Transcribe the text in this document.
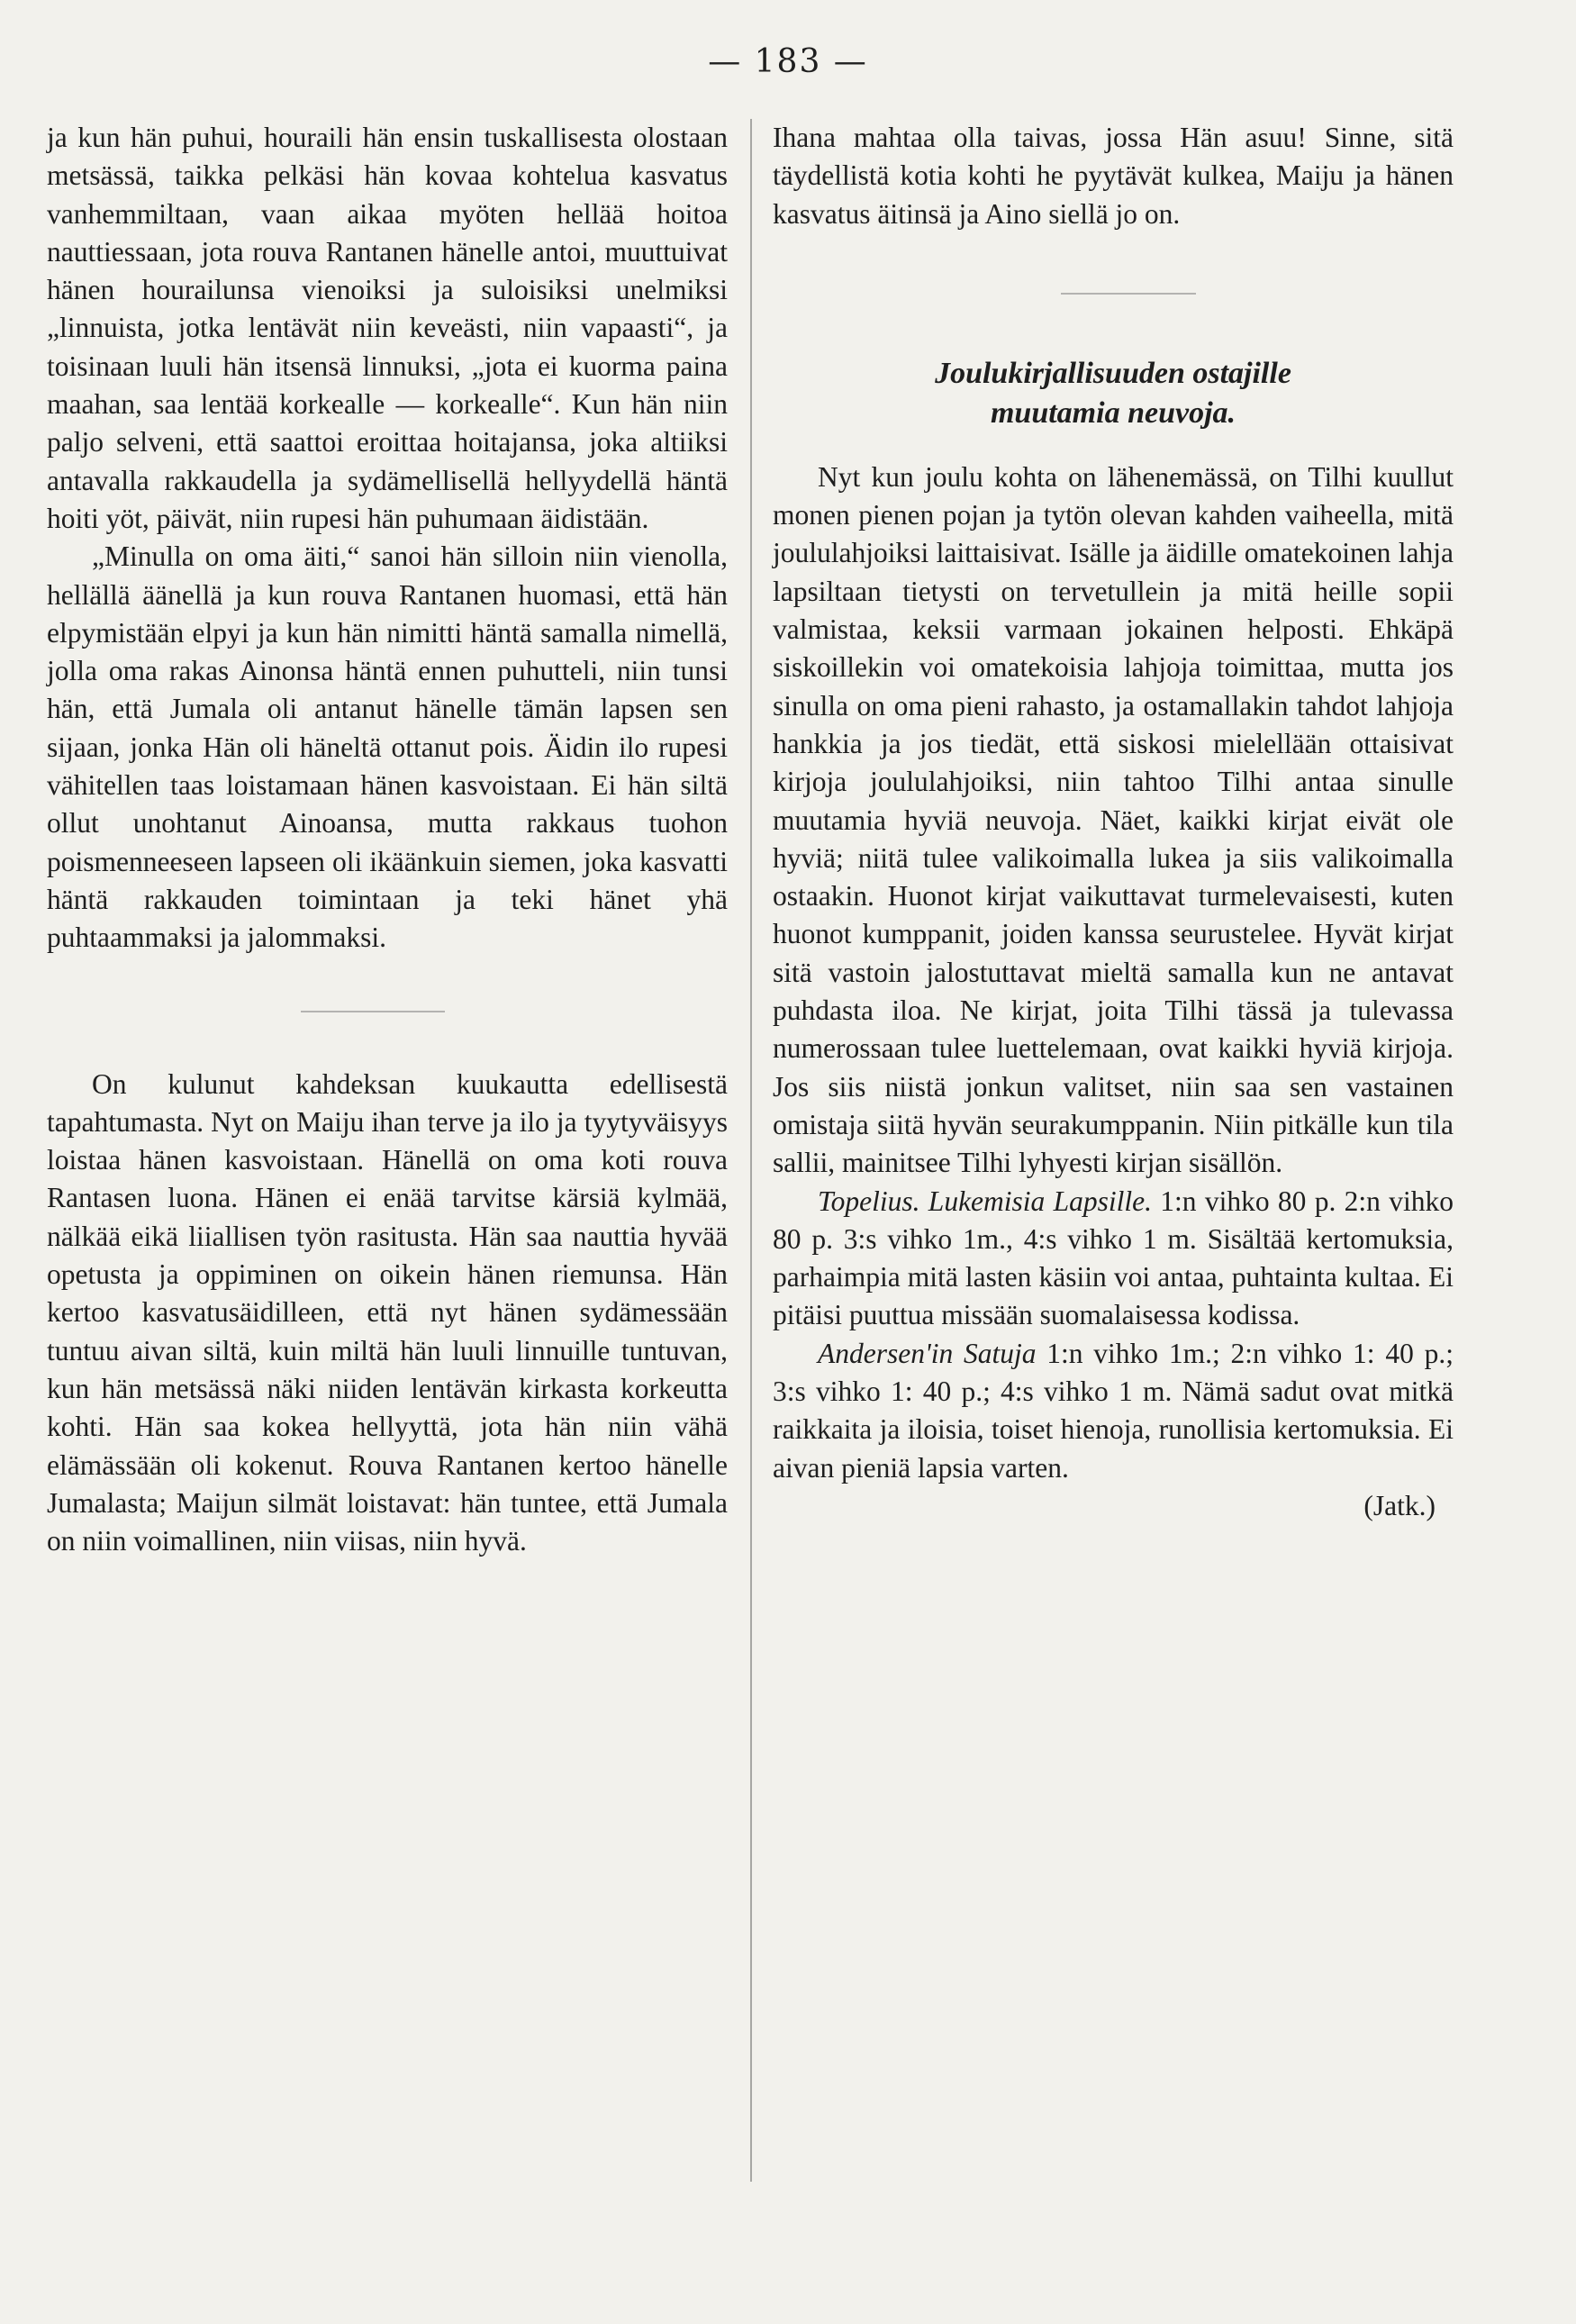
— 183 —

ja kun hän puhui, houraili hän ensin tuskallisesta olostaan metsässä, taikka pelkäsi hän kovaa kohtelua kasvatus vanhemmiltaan, vaan aikaa myöten hellää hoitoa nauttiessaan, jota rouva Rantanen hänelle antoi, muuttuivat hänen hourailunsa vienoiksi ja suloisiksi unelmiksi „linnuista, jotka lentävät niin keveästi, niin vapaasti“, ja toisinaan luuli hän itsensä linnuksi, „jota ei kuorma paina maahan, saa lentää korkealle — korkealle“. Kun hän niin paljo selveni, että saattoi eroittaa hoitajansa, joka altiiksi antavalla rakkaudella ja sydämellisellä hellyydellä häntä hoiti yöt, päivät, niin rupesi hän puhumaan äidistään.

„Minulla on oma äiti,“ sanoi hän silloin niin vienolla, hellällä äänellä ja kun rouva Rantanen huomasi, että hän elpymistään elpyi ja kun hän nimitti häntä samalla nimellä, jolla oma rakas Ainonsa häntä ennen puhutteli, niin tunsi hän, että Jumala oli antanut hänelle tämän lapsen sen sijaan, jonka Hän oli häneltä ottanut pois. Äidin ilo rupesi vähitellen taas loistamaan hänen kasvoistaan. Ei hän siltä ollut unohtanut Ainoansa, mutta rakkaus tuohon poismenneeseen lapseen oli ikäänkuin siemen, joka kasvatti häntä rakkauden toimintaan ja teki hänet yhä puhtaammaksi ja jalommaksi.

On kulunut kahdeksan kuukautta edellisestä tapahtumasta. Nyt on Maiju ihan terve ja ilo ja tyytyväisyys loistaa hänen kasvoistaan. Hänellä on oma koti rouva Rantasen luona. Hänen ei enää tarvitse kärsiä kylmää, nälkää eikä liiallisen työn rasitusta. Hän saa nauttia hyvää opetusta ja oppiminen on oikein hänen riemunsa. Hän kertoo kasvatusäidilleen, että nyt hänen sydämessään tuntuu aivan siltä, kuin miltä hän luuli linnuille tuntuvan, kun hän metsässä näki niiden lentävän kirkasta korkeutta kohti. Hän saa kokea hellyyttä, jota hän niin vähä elämässään oli kokenut. Rouva Rantanen kertoo hänelle Jumalasta; Maijun silmät loistavat: hän tuntee, että Jumala on niin voimallinen, niin viisas, niin hyvä.

Ihana mahtaa olla taivas, jossa Hän asuu! Sinne, sitä täydellistä kotia kohti he pyytävät kulkea, Maiju ja hänen kasvatus äitinsä ja Aino siellä jo on.

Joulukirjallisuuden ostajille
muutamia neuvoja.

Nyt kun joulu kohta on lähenemässä, on Tilhi kuullut monen pienen pojan ja tytön olevan kahden vaiheella, mitä joululahjoiksi laittaisivat. Isälle ja äidille omatekoinen lahja lapsiltaan tietysti on tervetullein ja mitä heille sopii valmistaa, keksii varmaan jokainen helposti. Ehkäpä siskoillekin voi omatekoisia lahjoja toimittaa, mutta jos sinulla on oma pieni rahasto, ja ostamallakin tahdot lahjoja hankkia ja jos tiedät, että siskosi mielellään ottaisivat kirjoja joululahjoiksi, niin tahtoo Tilhi antaa sinulle muutamia hyviä neuvoja. Näet, kaikki kirjat eivät ole hyviä; niitä tulee valikoimalla lukea ja siis valikoimalla ostaakin. Huonot kirjat vaikuttavat turmelevaisesti, kuten huonot kumppanit, joiden kanssa seurustelee. Hyvät kirjat sitä vastoin jalostuttavat mieltä samalla kun ne antavat puhdasta iloa. Ne kirjat, joita Tilhi tässä ja tulevassa numerossaan tulee luettelemaan, ovat kaikki hyviä kirjoja. Jos siis niistä jonkun valitset, niin saa sen vastainen omistaja siitä hyvän seurakumppanin. Niin pitkälle kun tila sallii, mainitsee Tilhi lyhyesti kirjan sisällön.

Topelius. Lukemisia Lapsille. 1:n vihko 80 p. 2:n vihko 80 p. 3:s vihko 1m., 4:s vihko 1 m. Sisältää kertomuksia, parhaimpia mitä lasten käsiin voi antaa, puhtainta kultaa. Ei pitäisi puuttua missään suomalaisessa kodissa.

Andersen'in Satuja 1:n vihko 1m.; 2:n vihko 1: 40 p.; 3:s vihko 1: 40 p.; 4:s vihko 1 m. Nämä sadut ovat mitkä raikkaita ja iloisia, toiset hienoja, runollisia kertomuksia. Ei aivan pieniä lapsia varten.

(Jatk.)
